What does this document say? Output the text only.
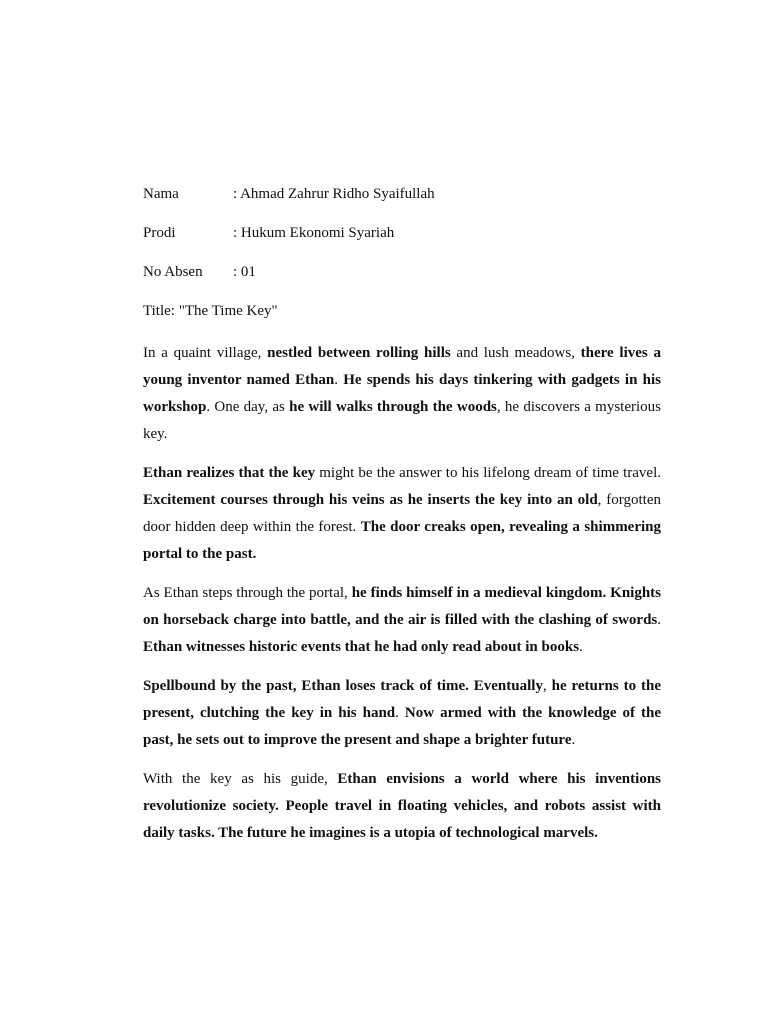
Nama	: Ahmad Zahrur Ridho Syaifullah
Prodi	: Hukum Ekonomi Syariah
No Absen	: 01
Title: "The Time Key"

In a quaint village, nestled between rolling hills and lush meadows, there lives a young inventor named Ethan. He spends his days tinkering with gadgets in his workshop. One day, as he will walks through the woods, he discovers a mysterious key.

Ethan realizes that the key might be the answer to his lifelong dream of time travel. Excitement courses through his veins as he inserts the key into an old, forgotten door hidden deep within the forest. The door creaks open, revealing a shimmering portal to the past.

As Ethan steps through the portal, he finds himself in a medieval kingdom. Knights on horseback charge into battle, and the air is filled with the clashing of swords. Ethan witnesses historic events that he had only read about in books.

Spellbound by the past, Ethan loses track of time. Eventually, he returns to the present, clutching the key in his hand. Now armed with the knowledge of the past, he sets out to improve the present and shape a brighter future.

With the key as his guide, Ethan envisions a world where his inventions revolutionize society. People travel in floating vehicles, and robots assist with daily tasks. The future he imagines is a utopia of technological marvels.
